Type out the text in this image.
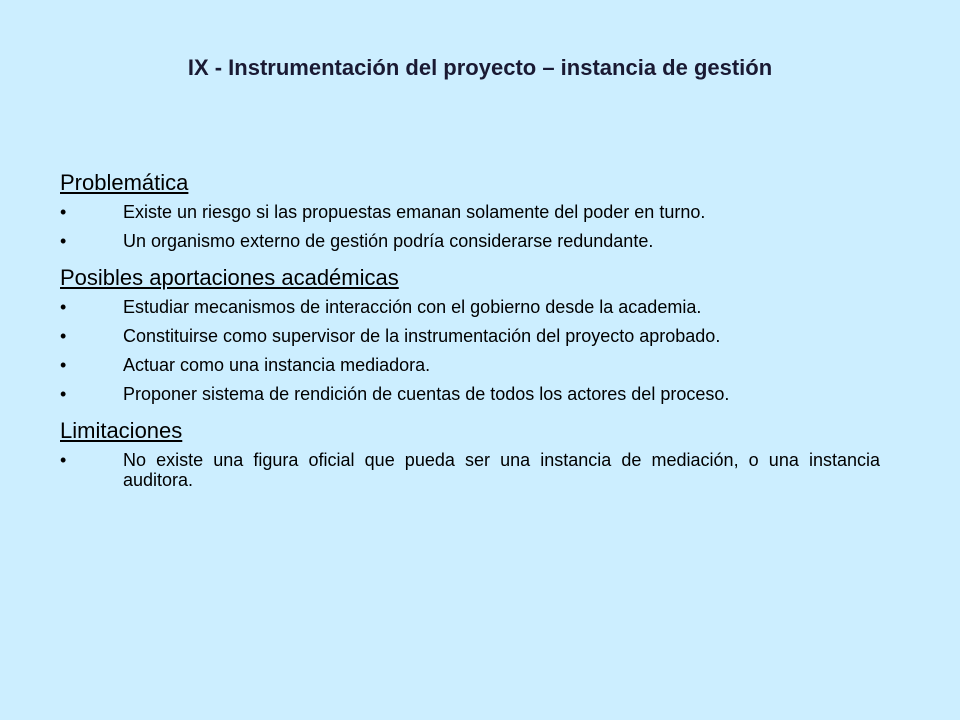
IX - Instrumentación del proyecto – instancia de gestión
Problemática
•	Existe un riesgo si las propuestas emanan solamente del poder en turno.
•	Un organismo externo de gestión podría considerarse redundante.
Posibles aportaciones académicas
•	Estudiar mecanismos de interacción con el gobierno desde la academia.
•	Constituirse como supervisor de la instrumentación del proyecto aprobado.
•	Actuar como una instancia mediadora.
•	Proponer sistema de rendición de cuentas de todos los actores del proceso.
Limitaciones
•	No existe una figura oficial que pueda ser una instancia de mediación, o una instancia auditora.
